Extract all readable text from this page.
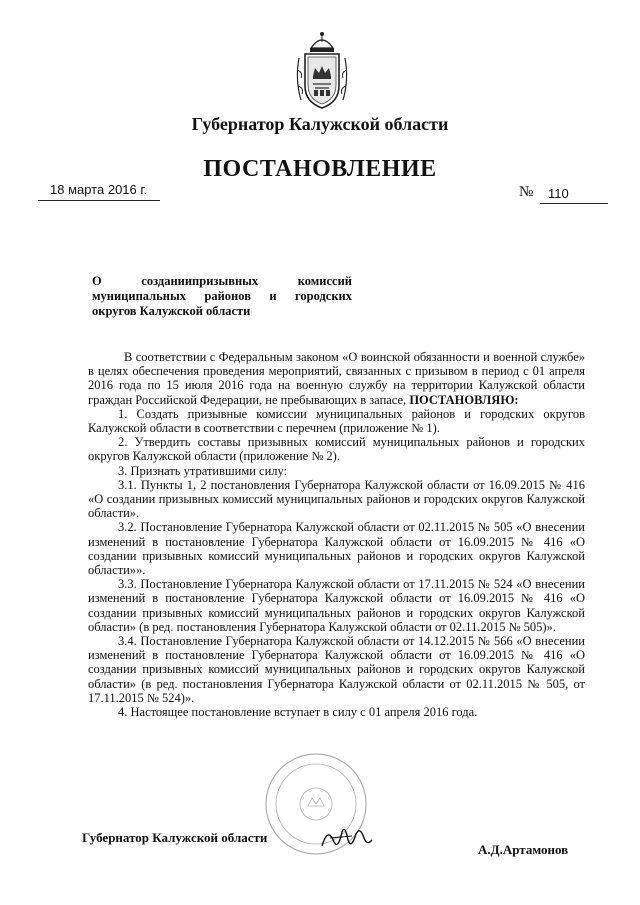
Губернатор Калужской области
ПОСТАНОВЛЕНИЕ
18 марта 2016 г.	№ 110
О созданиипризывных комиссий
муниципальных районов и городских
округов Калужской области

В соответствии с Федеральным законом «О воинской обязанности и военной службе» в целях обеспечения проведения мероприятий, связанных с призывом в период с 01 апреля 2016 года по 15 июля 2016 года на военную службу на территории Калужской области граждан Российской Федерации, не пребывающих в запасе, ПОСТАНОВЛЯЮ:

1. Создать призывные комиссии муниципальных районов и городских округов Калужской области в соответствии с перечнем (приложение № 1).

2. Утвердить составы призывных комиссий муниципальных районов и городских округов Калужской области (приложение № 2).

3. Признать утратившими силу:

3.1. Пункты 1, 2 постановления Губернатора Калужской области от 16.09.2015 № 416 «О создании призывных комиссий муниципальных районов и городских округов Калужской области».

3.2. Постановление Губернатора Калужской области от 02.11.2015 № 505 «О внесении изменений в постановление Губернатора Калужской области от 16.09.2015 № 416 «О создании призывных комиссий муниципальных районов и городских округов Калужской области»».

3.3. Постановление Губернатора Калужской области от 17.11.2015 № 524 «О внесении изменений в постановление Губернатора Калужской области от 16.09.2015 № 416 «О создании призывных комиссий муниципальных районов и городских округов Калужской области» (в ред. постановления Губернатора Калужской области от 02.11.2015 № 505)».

3.4. Постановление Губернатора Калужской области от 14.12.2015 № 566 «О внесении изменений в постановление Губернатора Калужской области от 16.09.2015 № 416 «О создании призывных комиссий муниципальных районов и городских округов Калужской области» (в ред. постановления Губернатора Калужской области от 02.11.2015 № 505, от 17.11.2015 № 524)».

4. Настоящее постановление вступает в силу с 01 апреля 2016 года.

Губернатор Калужской области
А.Д.Артамонов
